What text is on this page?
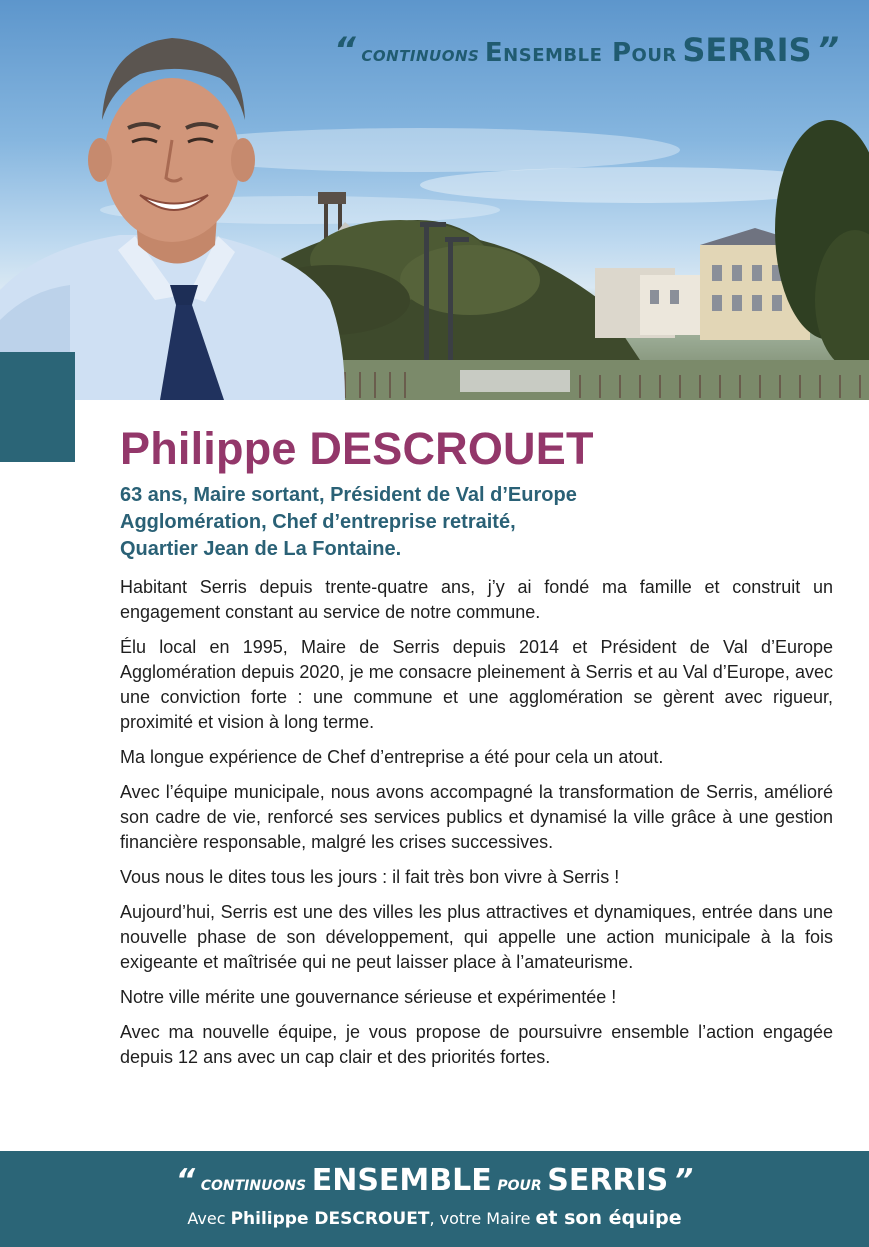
“ continuons Ensemble Pour SERRIS ”
Philippe DESCROUET
63 ans, Maire sortant, Président de Val d’Europe
Agglomération, Chef d’entreprise retraité,
Quartier Jean de La Fontaine.

Habitant Serris depuis trente-quatre ans, j’y ai fondé ma famille et construit un engagement constant au service de notre commune.

Élu local en 1995, Maire de Serris depuis 2014 et Président de Val d’Europe Agglomération depuis 2020, je me consacre pleinement à Serris et au Val d’Europe, avec une conviction forte : une commune et une agglomération se gèrent avec rigueur, proximité et vision à long terme.

Ma longue expérience de Chef d’entreprise a été pour cela un atout.

Avec l’équipe municipale, nous avons accompagné la transformation de Serris, amélioré son cadre de vie, renforcé ses services publics et dynamisé la ville grâce à une gestion financière responsable, malgré les crises successives.

Vous nous le dites tous les jours : il fait très bon vivre à Serris !

Aujourd’hui, Serris est une des villes les plus attractives et dynamiques, entrée dans une nouvelle phase de son développement, qui appelle une action municipale à la fois exigeante et maîtrisée qui ne peut laisser place à l’amateurisme.

Notre ville mérite une gouvernance sérieuse et expérimentée !

Avec ma nouvelle équipe, je vous propose de poursuivre ensemble l’action engagée depuis 12 ans avec un cap clair et des priorités fortes.

“ continuons ENSEMBLE pour SERRIS ”
Avec Philippe DESCROUET, votre Maire et son équipe
